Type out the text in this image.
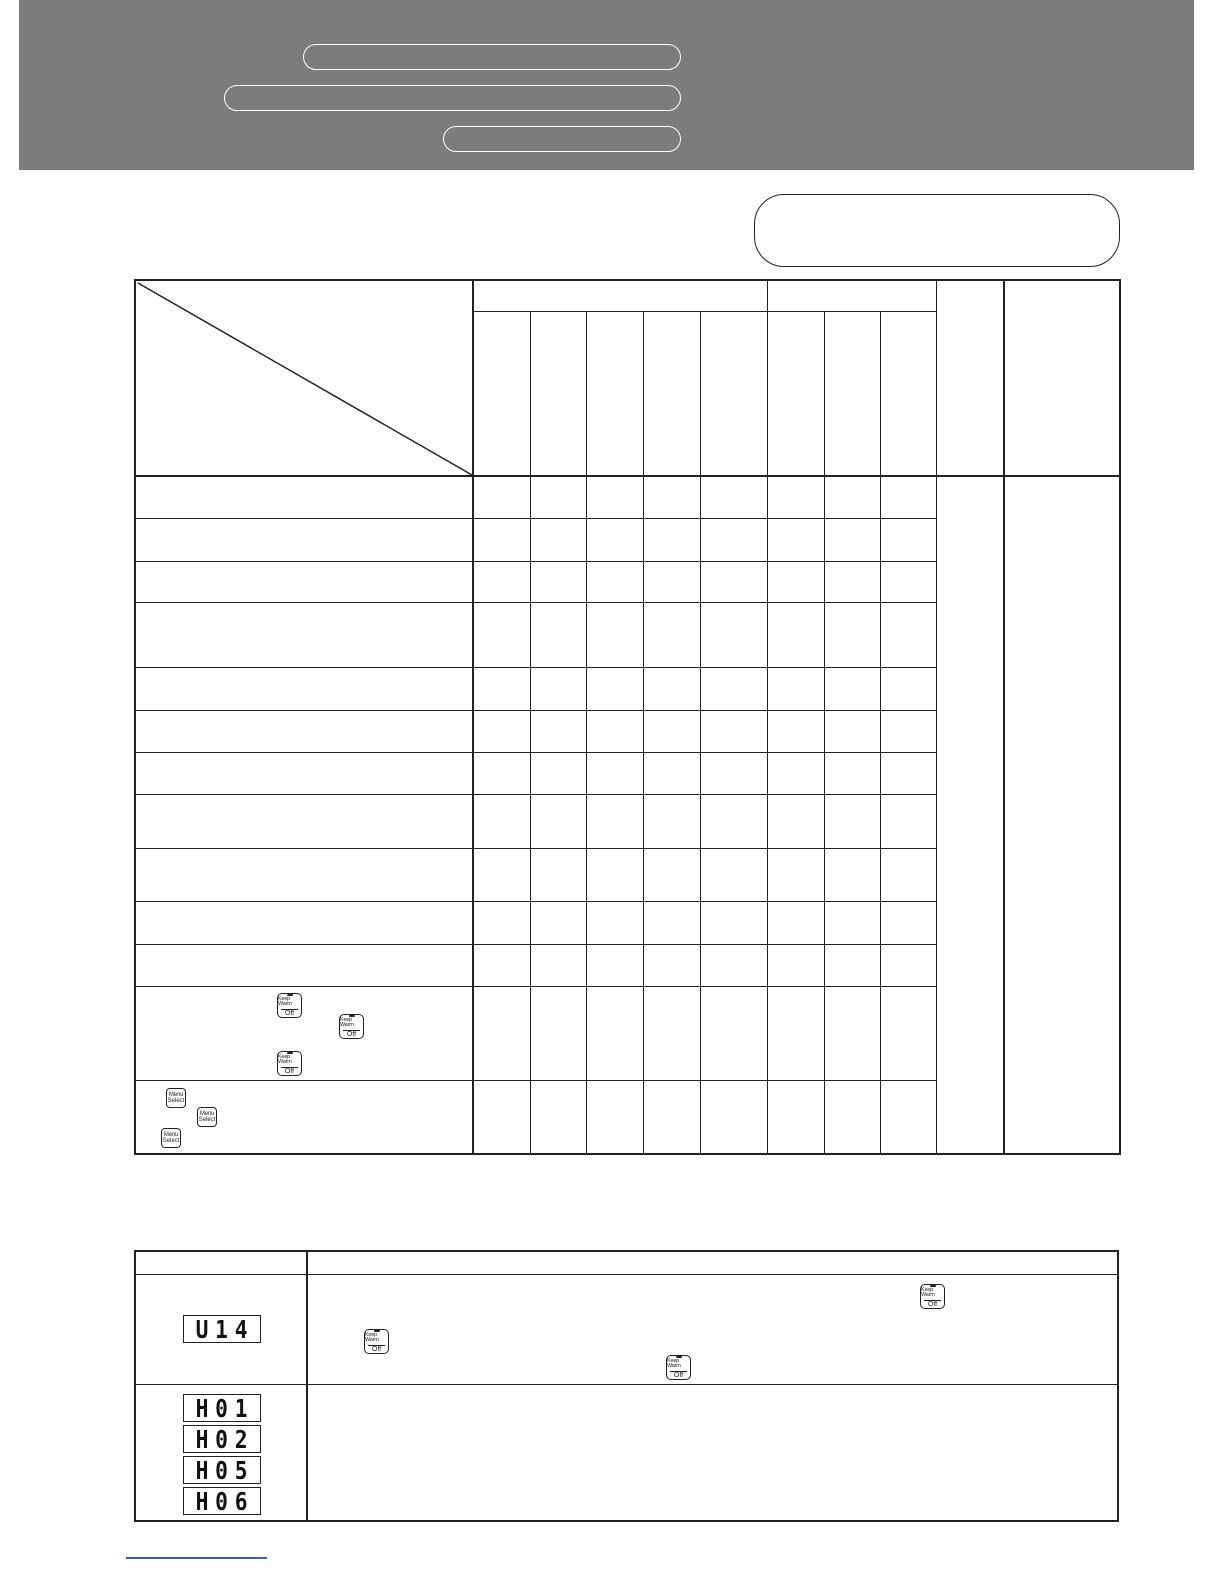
Keep Warm
Off
Keep Warm
Off
Keep Warm
Off
Menu
Select
Menu
Select
Menu
Select
U14
Keep Warm
Off
Keep Warm
Off
Keep Warm
Off
H01
H02
H05
H06
